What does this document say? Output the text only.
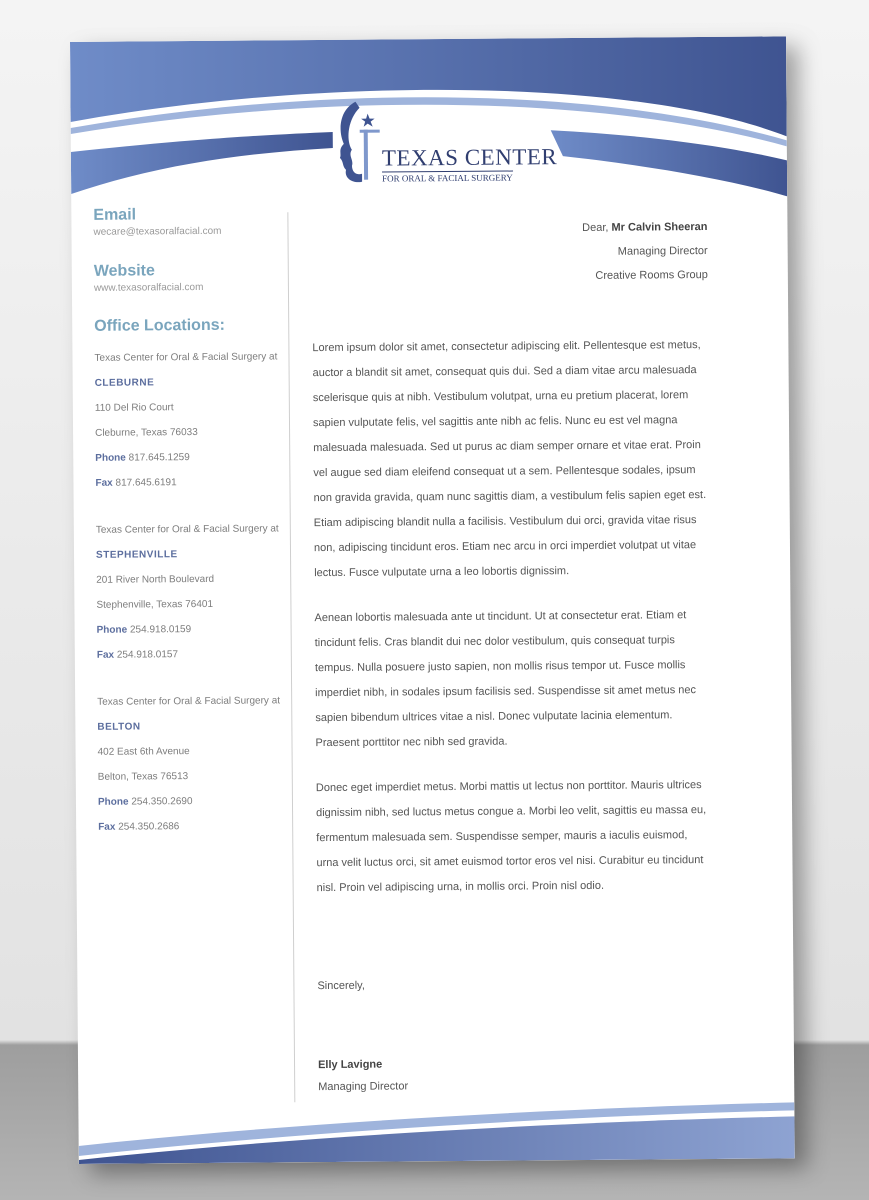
TEXAS CENTER
FOR ORAL & FACIAL SURGERY

Email

wecare@texasoralfacial.com

Website

www.texasoralfacial.com

Office Locations:

Texas Center for Oral & Facial Surgery at
CLEBURNE
110 Del Rio Court
Cleburne, Texas 76033
Phone 817.645.1259
Fax 817.645.6191
Texas Center for Oral & Facial Surgery at
STEPHENVILLE
201 River North Boulevard
Stephenville, Texas 76401
Phone 254.918.0159
Fax 254.918.0157
Texas Center for Oral & Facial Surgery at
BELTON
402 East 6th Avenue
Belton, Texas 76513
Phone 254.350.2690
Fax 254.350.2686
Dear, Mr Calvin Sheeran
Managing Director
Creative Rooms Group

Lorem ipsum dolor sit amet, consectetur adipiscing elit. Pellentesque est metus, auctor a blandit sit amet, consequat quis dui. Sed a diam vitae arcu malesuada scelerisque quis at nibh. Vestibulum volutpat, urna eu pretium placerat, lorem sapien vulputate felis, vel sagittis ante nibh ac felis. Nunc eu est vel magna malesuada malesuada. Sed ut purus ac diam semper ornare et vitae erat. Proin vel augue sed diam eleifend consequat ut a sem. Pellentesque sodales, ipsum non gravida gravida, quam nunc sagittis diam, a vestibulum felis sapien eget est. Etiam adipiscing blandit nulla a facilisis. Vestibulum dui orci, gravida vitae risus non, adipiscing tincidunt eros. Etiam nec arcu in orci imperdiet volutpat ut vitae lectus. Fusce vulputate urna a leo lobortis dignissim.

Aenean lobortis malesuada ante ut tincidunt. Ut at consectetur erat. Etiam et tincidunt felis. Cras blandit dui nec dolor vestibulum, quis consequat turpis tempus. Nulla posuere justo sapien, non mollis risus tempor ut. Fusce mollis imperdiet nibh, in sodales ipsum facilisis sed. Suspendisse sit amet metus nec sapien bibendum ultrices vitae a nisl. Donec vulputate lacinia elementum. Praesent porttitor nec nibh sed gravida.

Donec eget imperdiet metus. Morbi mattis ut lectus non porttitor. Mauris ultrices dignissim nibh, sed luctus metus congue a. Morbi leo velit, sagittis eu massa eu, fermentum malesuada sem. Suspendisse semper, mauris a iaculis euismod, urna velit luctus orci, sit amet euismod tortor eros vel nisi. Curabitur eu tincidunt nisl. Proin vel adipiscing urna, in mollis orci. Proin nisl odio.

Sincerely,
Elly Lavigne
Managing Director
